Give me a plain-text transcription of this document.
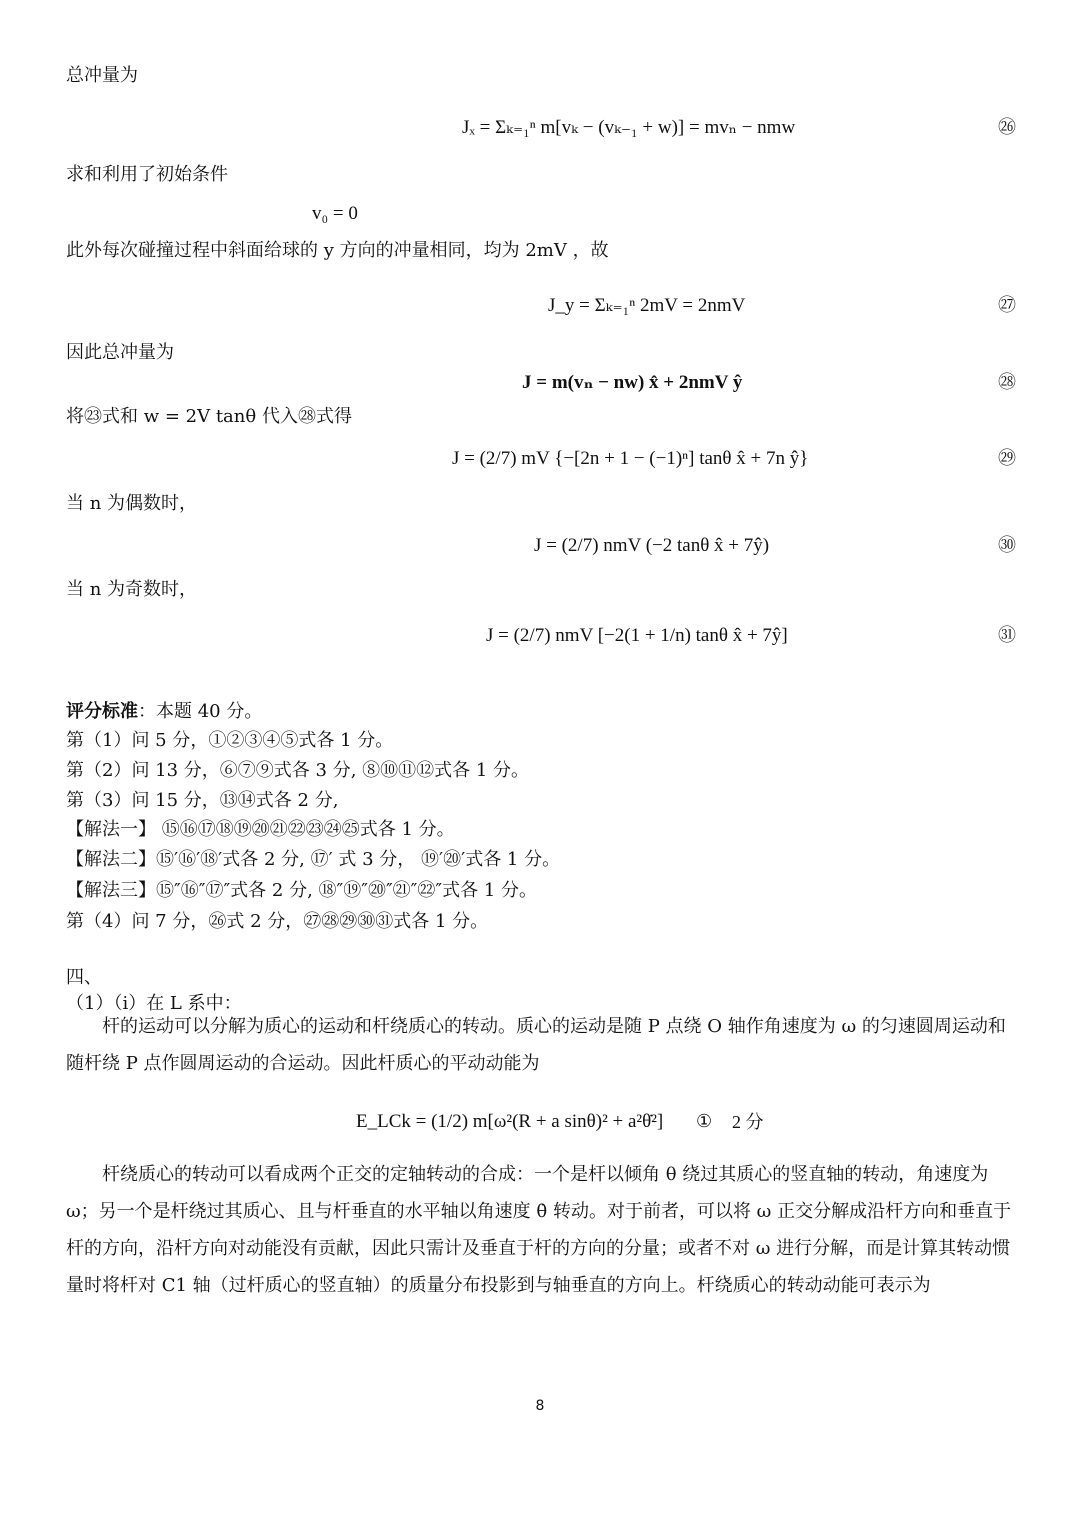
总冲量为
Jₓ = Σₖ₌₁ⁿ m[vₖ − (vₖ₋₁ + w)] = mvₙ − nmw	㉖
求和利用了初始条件
v₀ = 0
此外每次碰撞过程中斜面给球的 y 方向的冲量相同，均为 2mV ，故
J_y = Σₖ₌₁ⁿ 2mV = 2nmV	㉗
因此总冲量为
J = m(vₙ − nw) x̂ + 2nmV ŷ	㉘
将㉓式和 w = 2V tanθ 代入㉘式得
J = (2/7) mV {−[2n + 1 − (−1)ⁿ] tanθ x̂ + 7n ŷ}	㉙
当 n 为偶数时，
J = (2/7) nmV (−2 tanθ x̂ + 7ŷ)	㉚
当 n 为奇数时，
J = (2/7) nmV [−2(1 + 1/n) tanθ x̂ + 7ŷ]	㉛
评分标准：本题 40 分。
第（1）问 5 分，①②③④⑤式各 1 分。
第（2）问 13 分，⑥⑦⑨式各 3 分, ⑧⑩⑪⑫式各 1 分。
第（3）问 15 分，⑬⑭式各 2 分,
【解法一】 ⑮⑯⑰⑱⑲⑳㉑㉒㉓㉔㉕式各 1 分。
【解法二】⑮′⑯′⑱′式各 2 分, ⑰′ 式 3 分， ⑲′⑳′式各 1 分。
【解法三】⑮″⑯″⑰″式各 2 分, ⑱″⑲″⑳″㉑″㉒″式各 1 分。
第（4）问 7 分，㉖式 2 分，㉗㉘㉙㉚㉛式各 1 分。
四、
（1）（i）在 L 系中：
杆的运动可以分解为质心的运动和杆绕质心的转动。质心的运动是随 P 点绕 O 轴作角速度为 ω 的匀速圆周运动和随杆绕 P 点作圆周运动的合运动。因此杆质心的平动动能为
E_LCk = (1/2) m[ω²(R + a sinθ)² + a²θ̇²] ① 2 分
杆绕质心的转动可以看成两个正交的定轴转动的合成：一个是杆以倾角 θ 绕过其质心的竖直轴的转动，角速度为 ω；另一个是杆绕过其质心、且与杆垂直的水平轴以角速度 θ̇ 转动。对于前者，可以将 ω 正交分解成沿杆方向和垂直于杆的方向，沿杆方向对动能没有贡献，因此只需计及垂直于杆的方向的分量；或者不对 ω 进行分解，而是计算其转动惯量时将杆对 C1 轴（过杆质心的竖直轴）的质量分布投影到与轴垂直的方向上。杆绕质心的转动动能可表示为
8
